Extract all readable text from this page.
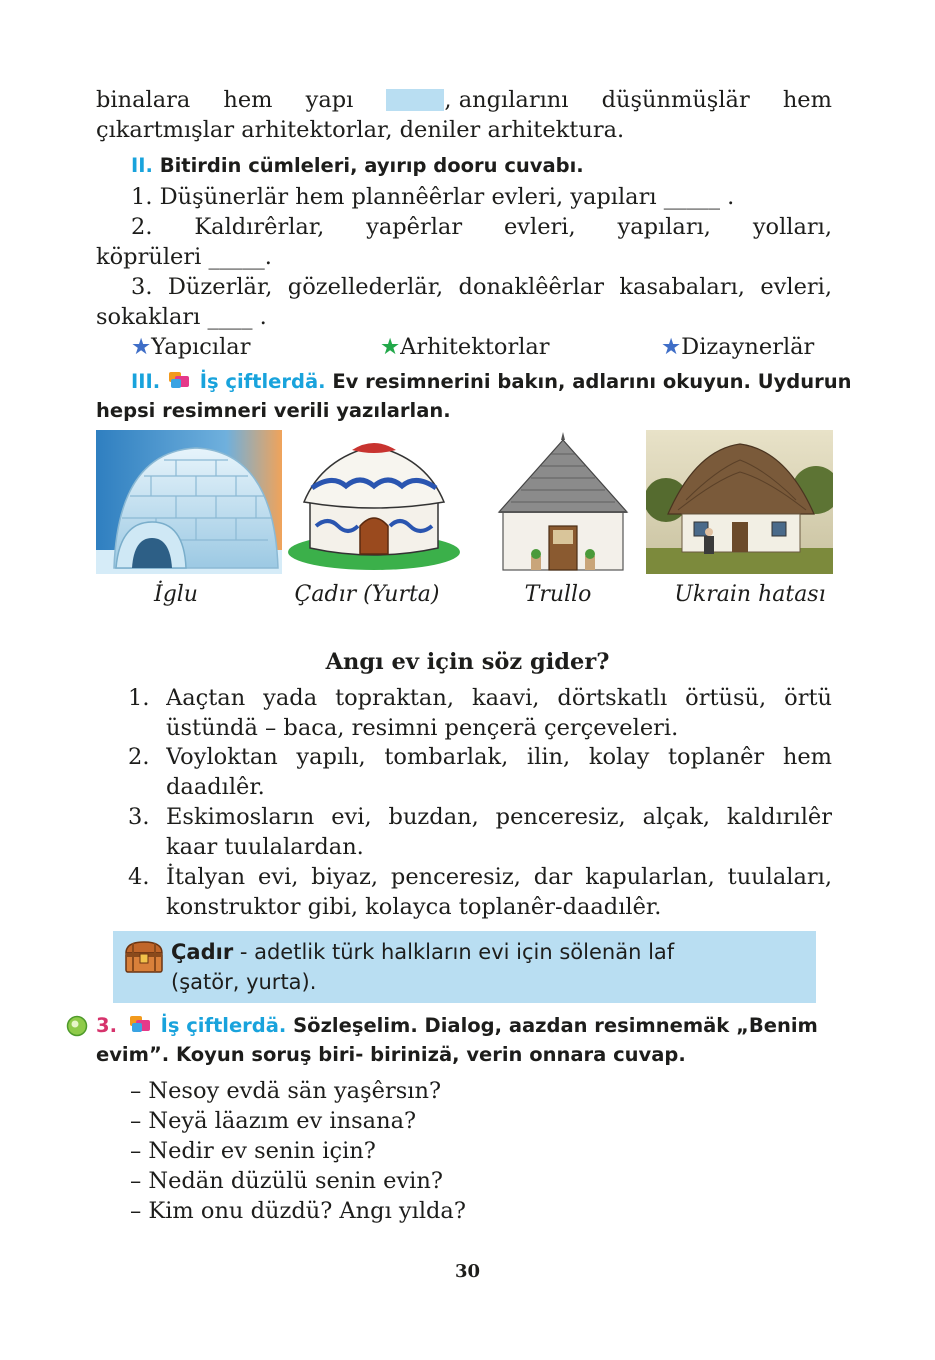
binalara hem yapı	, angılarını düşünmüşlär hem
çıkartmışlar arhitektorlar, deniler arhitektura.
II. Bitirdin cümleleri, ayırıp dooru cuvabı.
1. Düşünerlär hem plannêêrlar evleri, yapıları _____ .
2. Kaldırêrlar, yapêrlar evleri, yapıları, yolları,
köprüleri _____.
3. Düzerlär, gözellederlär, donaklêêrlar kasabaları, evleri,
sokakları ____ .
★Yapıcılar	★Arhitektorlar	★Dizaynerlär
III. İş çiftlerdä. Ev resimnerini bakın, adlarını okuyun. Uydurun
hepsi resimneri verili yazılarlan.
İglu	Çadır (Yurta)	Trullo	Ukrain hatası
Angı ev için söz gider?
1. Aaçtan yada topraktan, kaavi, dörtskatlı örtüsü, örtü
üstündä – baca, resimni pençerä çerçeveleri.
2. Voyloktan yapılı, tombarlak, ilin, kolay toplanêr hem
daadılêr.
3. Eskimosların evi, buzdan, penceresiz, alçak, kaldırılêr
kaar tuulalardan.
4. İtalyan evi, biyaz, penceresiz, dar kapularlan, tuulaları,
konstruktor gibi, kolayca toplanêr-daadılêr.
Çadır - adetlik türk halkların evi için sölenän laf
(şatör, yurta).
3. İş çiftlerdä. Sözleşelim. Dialog, aazdan resimnemäk „Benim
evim”. Koyun soruş biri- birinizä, verin onnara cuvap.
– Nesoy evdä sän yaşêrsın?
– Neyä läazım ev insana?
– Nedir ev senin için?
– Nedän düzülü senin evin?
– Kim onu düzdü? Angı yılda?
30
